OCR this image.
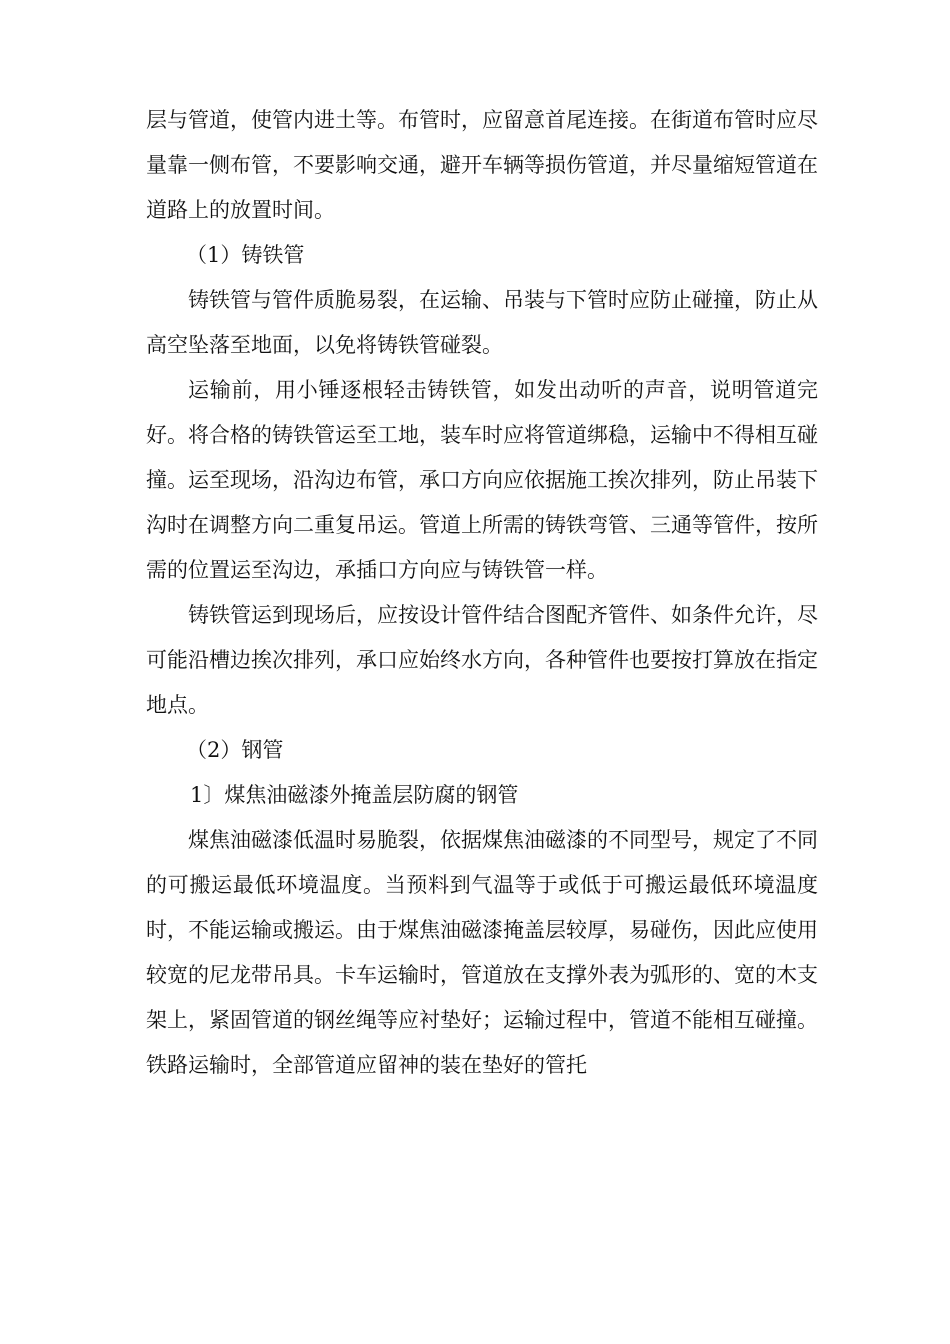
层与管道，使管内进土等。布管时，应留意首尾连接。在街道布管时应尽量靠一侧布管，不要影响交通，避开车辆等损伤管道，并尽量缩短管道在道路上的放置时间。

（1）铸铁管

铸铁管与管件质脆易裂，在运输、吊装与下管时应防止碰撞，防止从高空坠落至地面，以免将铸铁管碰裂。

运输前，用小锤逐根轻击铸铁管，如发出动听的声音，说明管道完好。将合格的铸铁管运至工地，装车时应将管道绑稳，运输中不得相互碰撞。运至现场，沿沟边布管，承口方向应依据施工挨次排列，防止吊装下沟时在调整方向二重复吊运。管道上所需的铸铁弯管、三通等管件，按所需的位置运至沟边，承插口方向应与铸铁管一样。

铸铁管运到现场后，应按设计管件结合图配齐管件、如条件允许，尽可能沿槽边挨次排列，承口应始终水方向，各种管件也要按打算放在指定地点。

（2）钢管

1〕煤焦油磁漆外掩盖层防腐的钢管

煤焦油磁漆低温时易脆裂，依据煤焦油磁漆的不同型号，规定了不同的可搬运最低环境温度。当预料到气温等于或低于可搬运最低环境温度时，不能运输或搬运。由于煤焦油磁漆掩盖层较厚，易碰伤，因此应使用较宽的尼龙带吊具。卡车运输时，管道放在支撑外表为弧形的、宽的木支架上，紧固管道的钢丝绳等应衬垫好；运输过程中，管道不能相互碰撞。铁路运输时，全部管道应留神的装在垫好的管托
